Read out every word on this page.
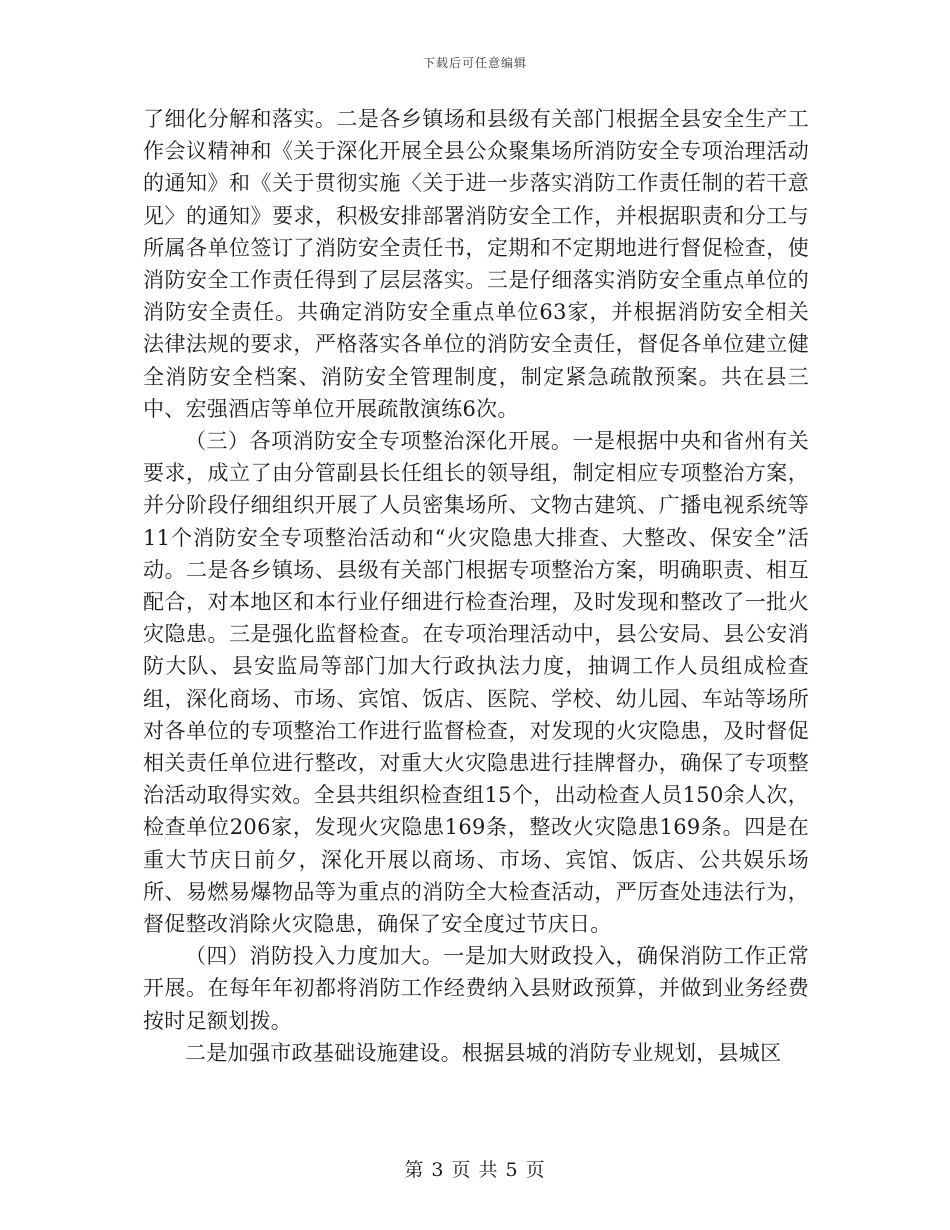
下载后可任意编辑

了细化分解和落实。二是各乡镇场和县级有关部门根据全县安全生产工作会议精神和《关于深化开展全县公众聚集场所消防安全专项治理活动的通知》和《关于贯彻实施〈关于进一步落实消防工作责任制的若干意见〉的通知》要求，积极安排部署消防安全工作，并根据职责和分工与所属各单位签订了消防安全责任书，定期和不定期地进行督促检查，使消防安全工作责任得到了层层落实。三是仔细落实消防安全重点单位的消防安全责任。共确定消防安全重点单位63家，并根据消防安全相关法律法规的要求，严格落实各单位的消防安全责任，督促各单位建立健全消防安全档案、消防安全管理制度，制定紧急疏散预案。共在县三中、宏强酒店等单位开展疏散演练6次。

（三）各项消防安全专项整治深化开展。一是根据中央和省州有关要求，成立了由分管副县长任组长的领导组，制定相应专项整治方案，并分阶段仔细组织开展了人员密集场所、文物古建筑、广播电视系统等11个消防安全专项整治活动和“火灾隐患大排查、大整改、保安全”活动。二是各乡镇场、县级有关部门根据专项整治方案，明确职责、相互配合，对本地区和本行业仔细进行检查治理，及时发现和整改了一批火灾隐患。三是强化监督检查。在专项治理活动中，县公安局、县公安消防大队、县安监局等部门加大行政执法力度，抽调工作人员组成检查组，深化商场、市场、宾馆、饭店、医院、学校、幼儿园、车站等场所对各单位的专项整治工作进行监督检查，对发现的火灾隐患，及时督促相关责任单位进行整改，对重大火灾隐患进行挂牌督办，确保了专项整治活动取得实效。全县共组织检查组15个，出动检查人员150余人次，检查单位206家，发现火灾隐患169条，整改火灾隐患169条。四是在重大节庆日前夕，深化开展以商场、市场、宾馆、饭店、公共娱乐场所、易燃易爆物品等为重点的消防全大检查活动，严厉查处违法行为，督促整改消除火灾隐患，确保了安全度过节庆日。

（四）消防投入力度加大。一是加大财政投入，确保消防工作正常开展。在每年年初都将消防工作经费纳入县财政预算，并做到业务经费按时足额划拨。

二是加强市政基础设施建设。根据县城的消防专业规划，县城区

第 3 页 共 5 页
